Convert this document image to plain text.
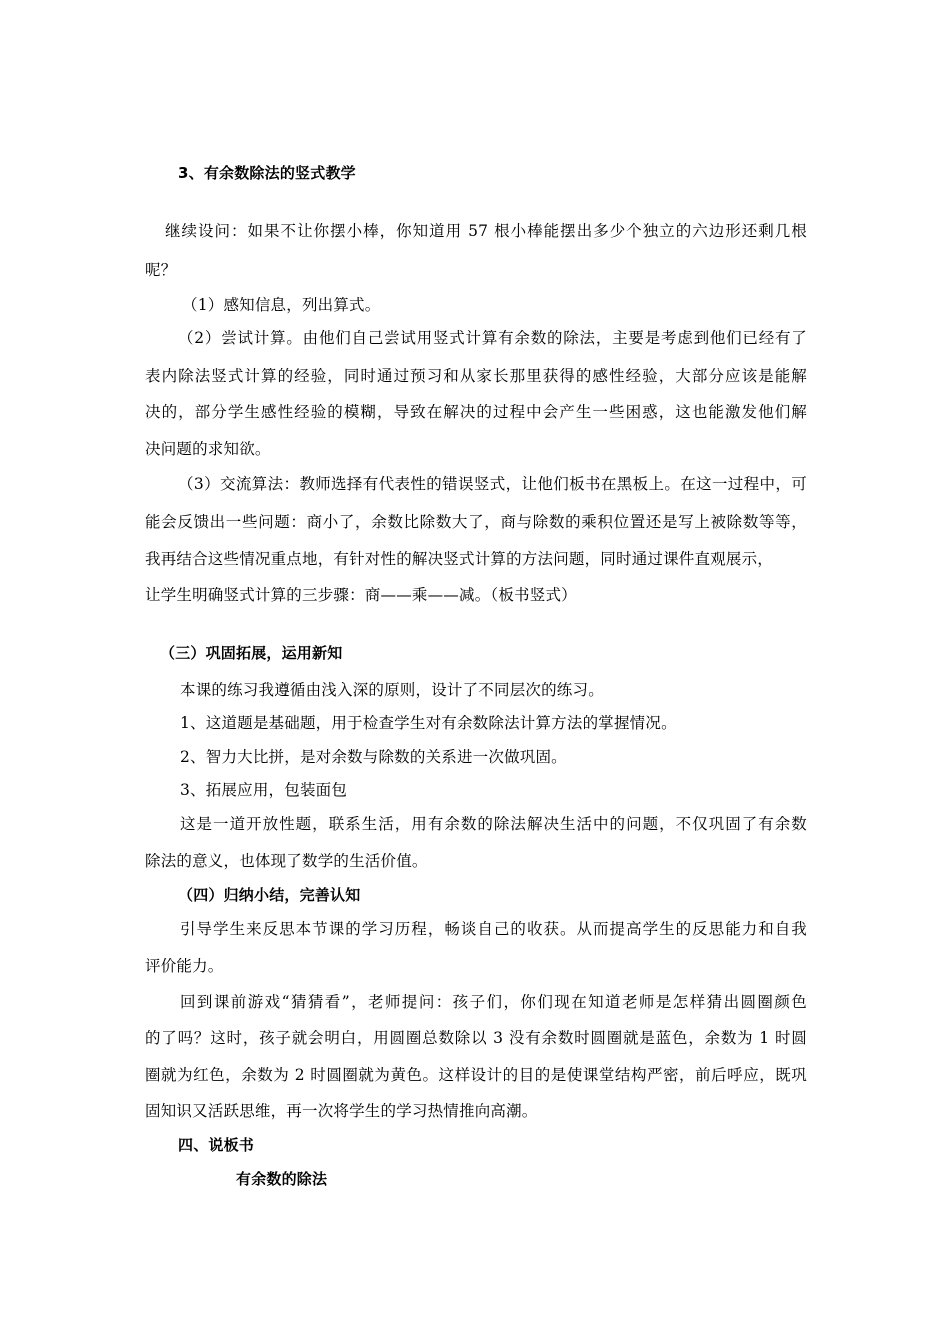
3、有余数除法的竖式教学
继续设问：如果不让你摆小棒，你知道用 57 根小棒能摆出多少个独立的六边形还剩几根
呢？
（1）感知信息，列出算式。
（2）尝试计算。由他们自己尝试用竖式计算有余数的除法，主要是考虑到他们已经有了
表内除法竖式计算的经验，同时通过预习和从家长那里获得的感性经验，大部分应该是能解
决的，部分学生感性经验的模糊，导致在解决的过程中会产生一些困惑，这也能激发他们解
决问题的求知欲。
（3）交流算法：教师选择有代表性的错误竖式，让他们板书在黑板上。在这一过程中，可
能会反馈出一些问题：商小了，余数比除数大了，商与除数的乘积位置还是写上被除数等等，
我再结合这些情况重点地，有针对性的解决竖式计算的方法问题，同时通过课件直观展示，
让学生明确竖式计算的三步骤：商——乘——减。（板书竖式）
（三）巩固拓展，运用新知
本课的练习我遵循由浅入深的原则，设计了不同层次的练习。
1、这道题是基础题，用于检查学生对有余数除法计算方法的掌握情况。
2、智力大比拼，是对余数与除数的关系进一次做巩固。
3、拓展应用，包装面包
这是一道开放性题，联系生活，用有余数的除法解决生活中的问题，不仅巩固了有余数
除法的意义，也体现了数学的生活价值。
（四）归纳小结，完善认知
引导学生来反思本节课的学习历程，畅谈自己的收获。从而提高学生的反思能力和自我
评价能力。
回到课前游戏“猜猜看”，老师提问：孩子们，你们现在知道老师是怎样猜出圆圈颜色
的了吗？这时，孩子就会明白，用圆圈总数除以 3 没有余数时圆圈就是蓝色，余数为 1 时圆
圈就为红色，余数为 2 时圆圈就为黄色。这样设计的目的是使课堂结构严密，前后呼应，既巩
固知识又活跃思维，再一次将学生的学习热情推向高潮。
四、说板书
有余数的除法
